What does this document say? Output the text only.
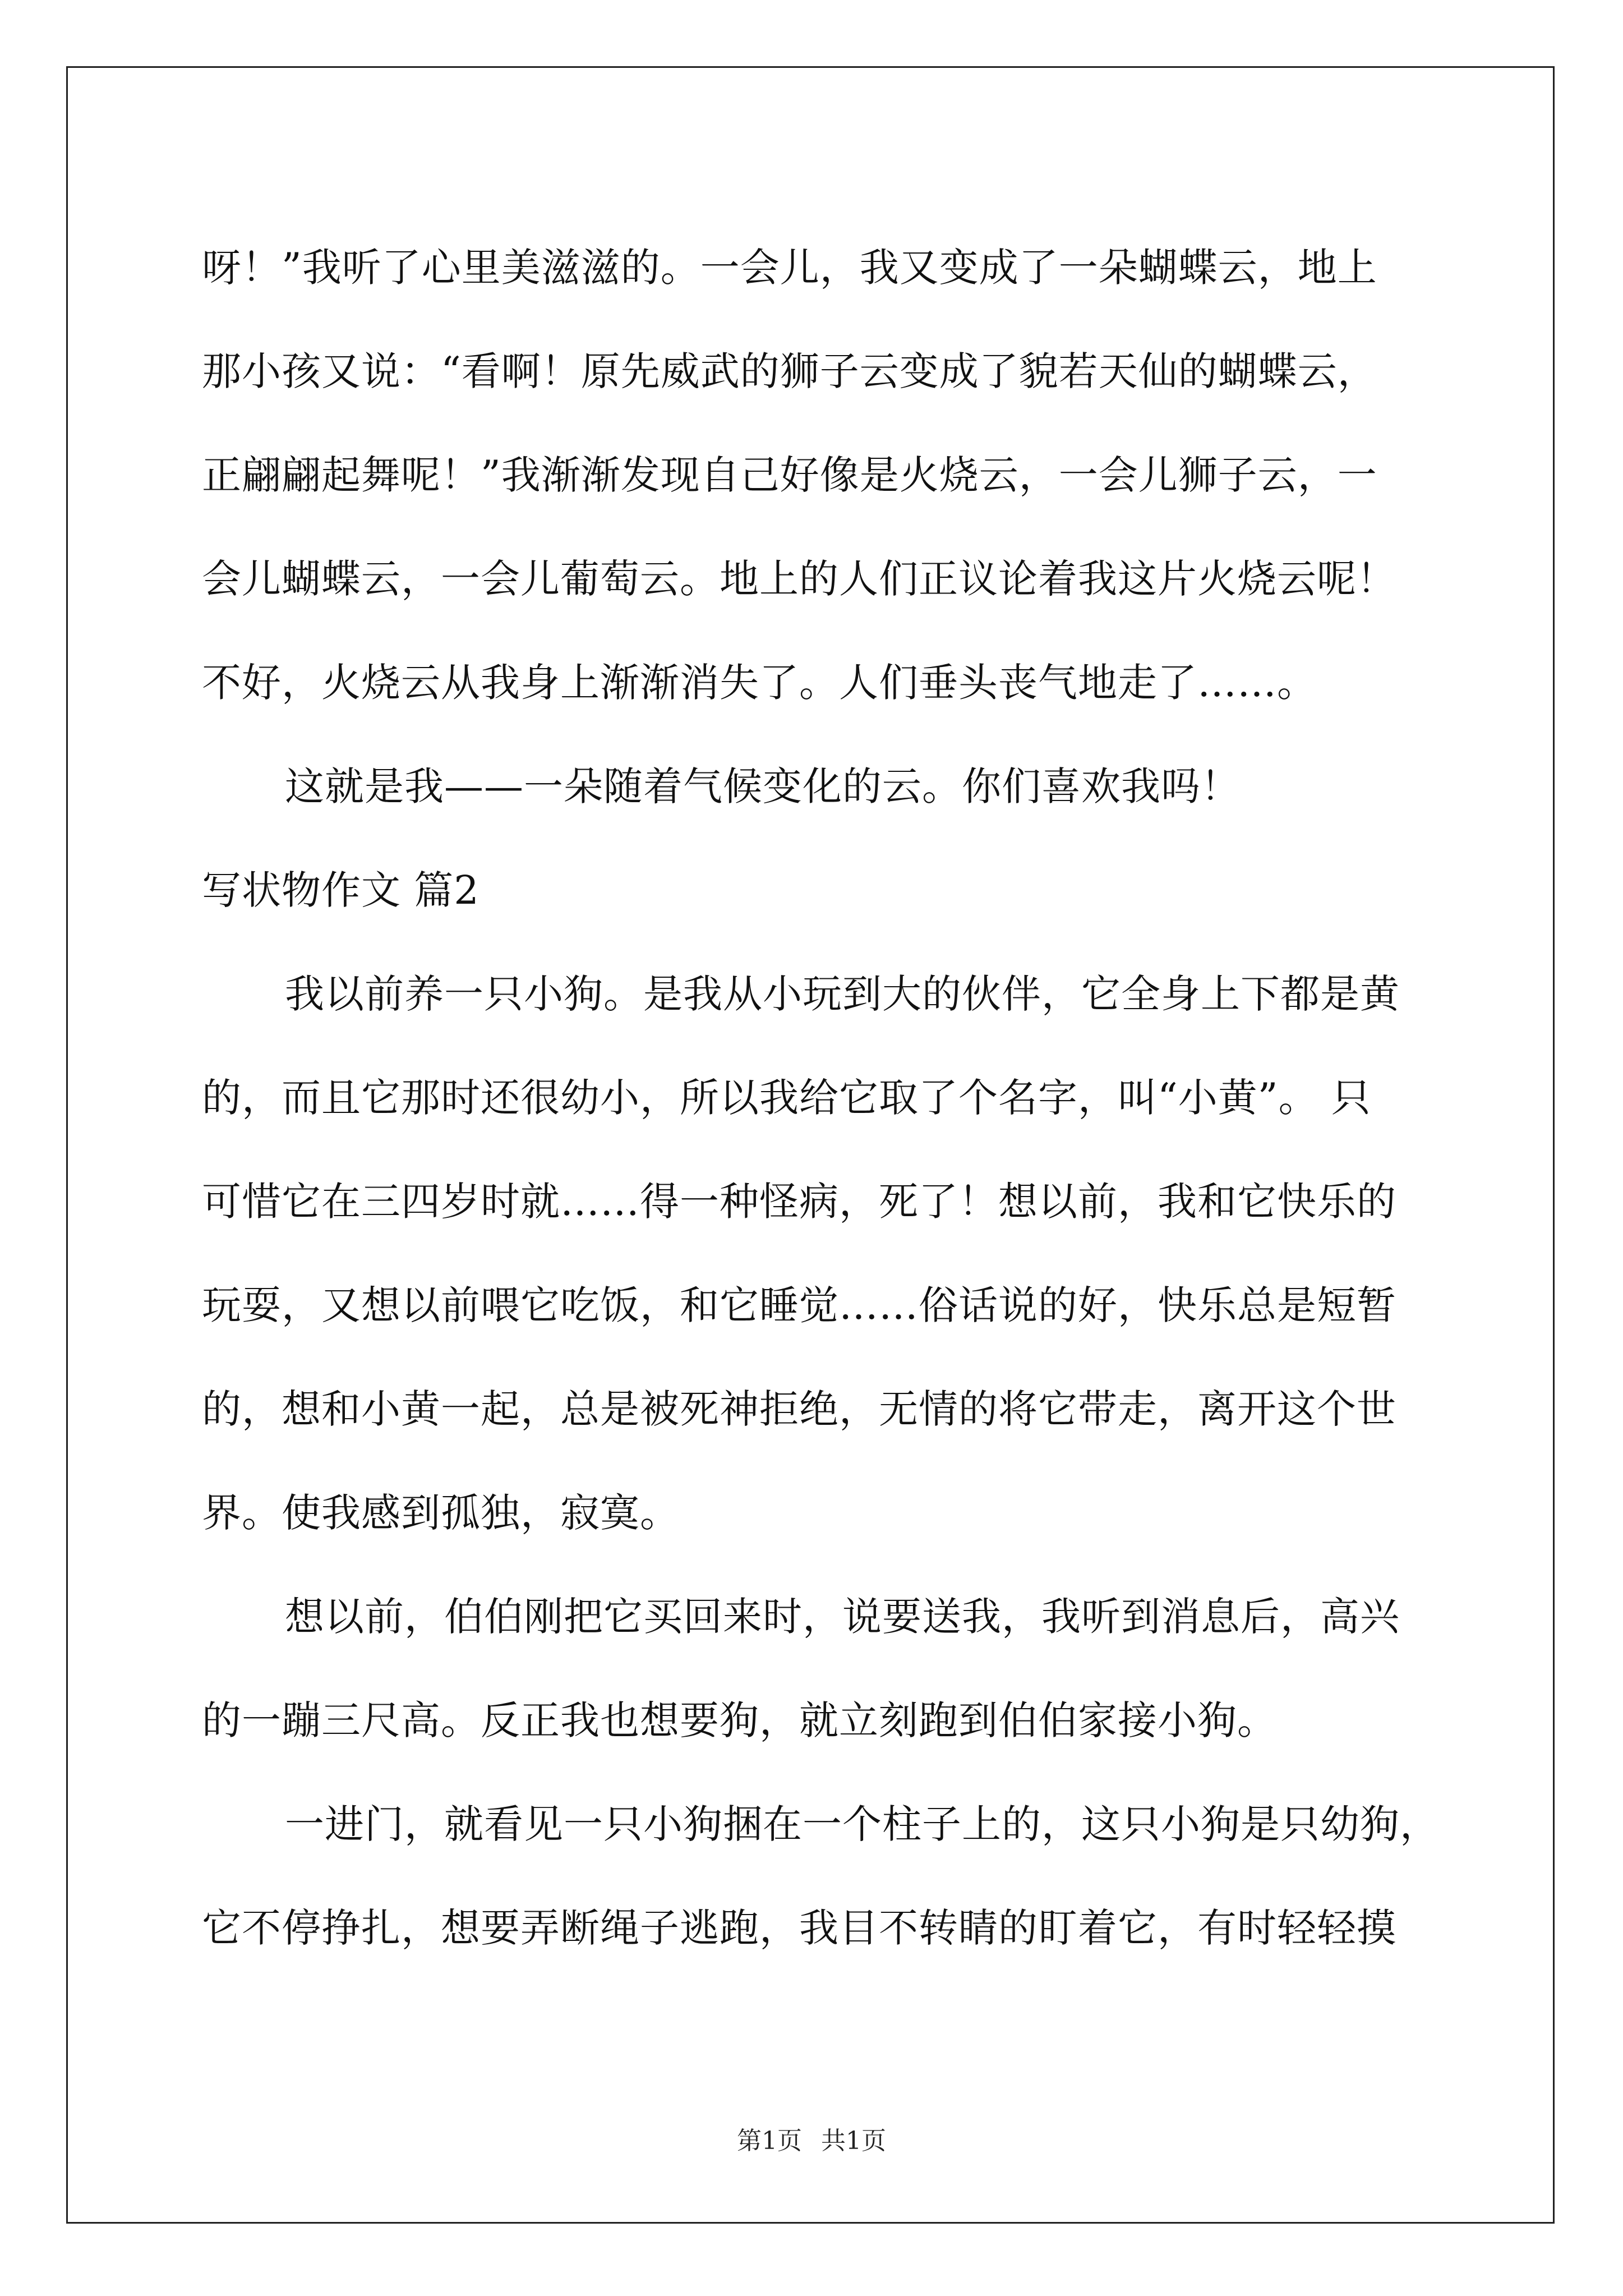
呀！”我听了心里美滋滋的。一会儿，我又变成了一朵蝴蝶云，地上
那小孩又说：“看啊！原先威武的狮子云变成了貌若天仙的蝴蝶云，
正翩翩起舞呢！”我渐渐发现自己好像是火烧云，一会儿狮子云，一
会儿蝴蝶云，一会儿葡萄云。地上的人们正议论着我这片火烧云呢！
不好，火烧云从我身上渐渐消失了。人们垂头丧气地走了……。
这就是我——一朵随着气候变化的云。你们喜欢我吗！
写状物作文 篇2
我以前养一只小狗。是我从小玩到大的伙伴，它全身上下都是黄
的，而且它那时还很幼小，所以我给它取了个名字，叫“小黄”。 只
可惜它在三四岁时就……得一种怪病，死了！想以前，我和它快乐的
玩耍，又想以前喂它吃饭，和它睡觉……俗话说的好，快乐总是短暂
的，想和小黄一起，总是被死神拒绝，无情的将它带走，离开这个世
界。使我感到孤独，寂寞。
想以前，伯伯刚把它买回来时，说要送我，我听到消息后，高兴
的一蹦三尺高。反正我也想要狗，就立刻跑到伯伯家接小狗。
一进门，就看见一只小狗捆在一个柱子上的，这只小狗是只幼狗，
它不停挣扎，想要弄断绳子逃跑，我目不转睛的盯着它，有时轻轻摸
第1页 共1页
